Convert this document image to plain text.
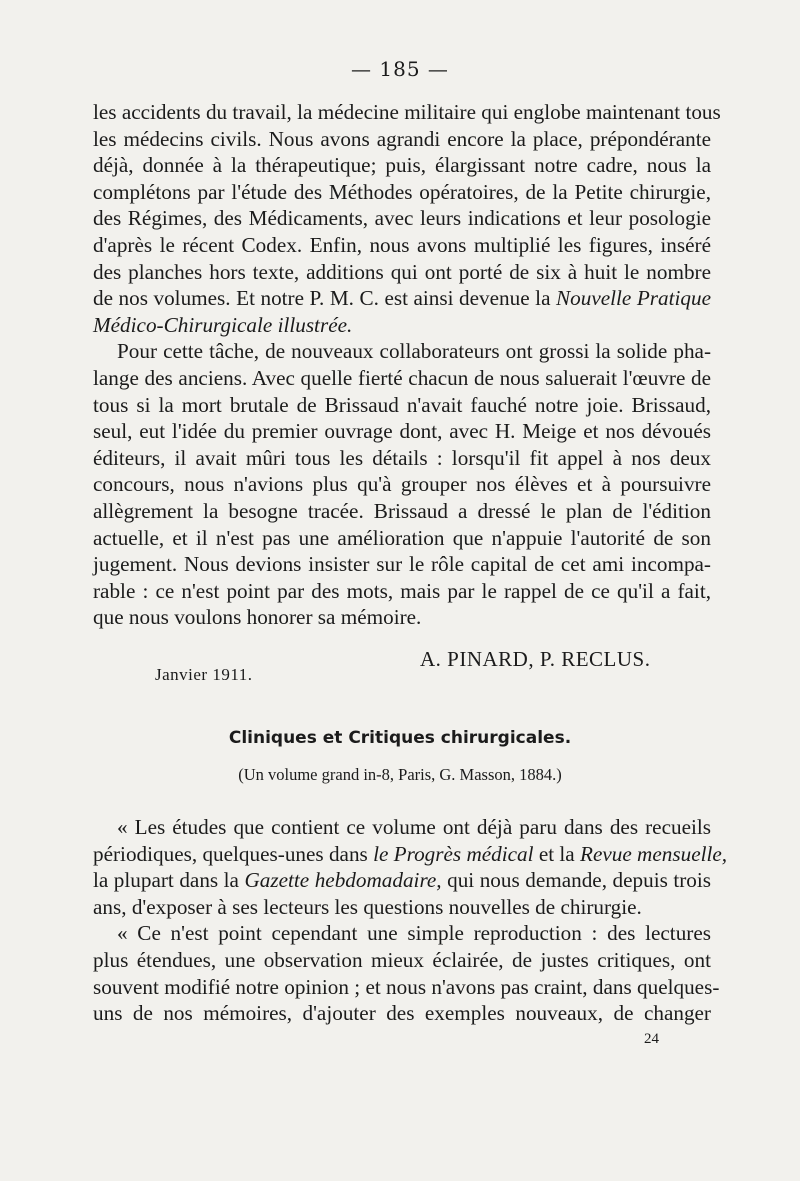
— 185 —
les accidents du travail, la médecine militaire qui englobe maintenant tous
les médecins civils. Nous avons agrandi encore la place, prépondérante
déjà, donnée à la thérapeutique; puis, élargissant notre cadre, nous la
complétons par l'étude des Méthodes opératoires, de la Petite chirurgie,
des Régimes, des Médicaments, avec leurs indications et leur posologie
d'après le récent Codex. Enfin, nous avons multiplié les figures, inséré
des planches hors texte, additions qui ont porté de six à huit le nombre
de nos volumes. Et notre P. M. C. est ainsi devenue la Nouvelle Pratique
Médico-Chirurgicale illustrée.
Pour cette tâche, de nouveaux collaborateurs ont grossi la solide pha-
lange des anciens. Avec quelle fierté chacun de nous saluerait l'œuvre de
tous si la mort brutale de Brissaud n'avait fauché notre joie. Brissaud,
seul, eut l'idée du premier ouvrage dont, avec H. Meige et nos dévoués
éditeurs, il avait mûri tous les détails : lorsqu'il fit appel à nos deux
concours, nous n'avions plus qu'à grouper nos élèves et à poursuivre
allègrement la besogne tracée. Brissaud a dressé le plan de l'édition
actuelle, et il n'est pas une amélioration que n'appuie l'autorité de son
jugement. Nous devions insister sur le rôle capital de cet ami incompa-
rable : ce n'est point par des mots, mais par le rappel de ce qu'il a fait,
que nous voulons honorer sa mémoire.
A. PINARD, P. RECLUS.
Janvier 1911.
Cliniques et Critiques chirurgicales.
(Un volume grand in-8, Paris, G. Masson, 1884.)
« Les études que contient ce volume ont déjà paru dans des recueils
périodiques, quelques-unes dans le Progrès médical et la Revue mensuelle,
la plupart dans la Gazette hebdomadaire, qui nous demande, depuis trois
ans, d'exposer à ses lecteurs les questions nouvelles de chirurgie.
« Ce n'est point cependant une simple reproduction : des lectures
plus étendues, une observation mieux éclairée, de justes critiques, ont
souvent modifié notre opinion ; et nous n'avons pas craint, dans quelques-
uns de nos mémoires, d'ajouter des exemples nouveaux, de changer
24
